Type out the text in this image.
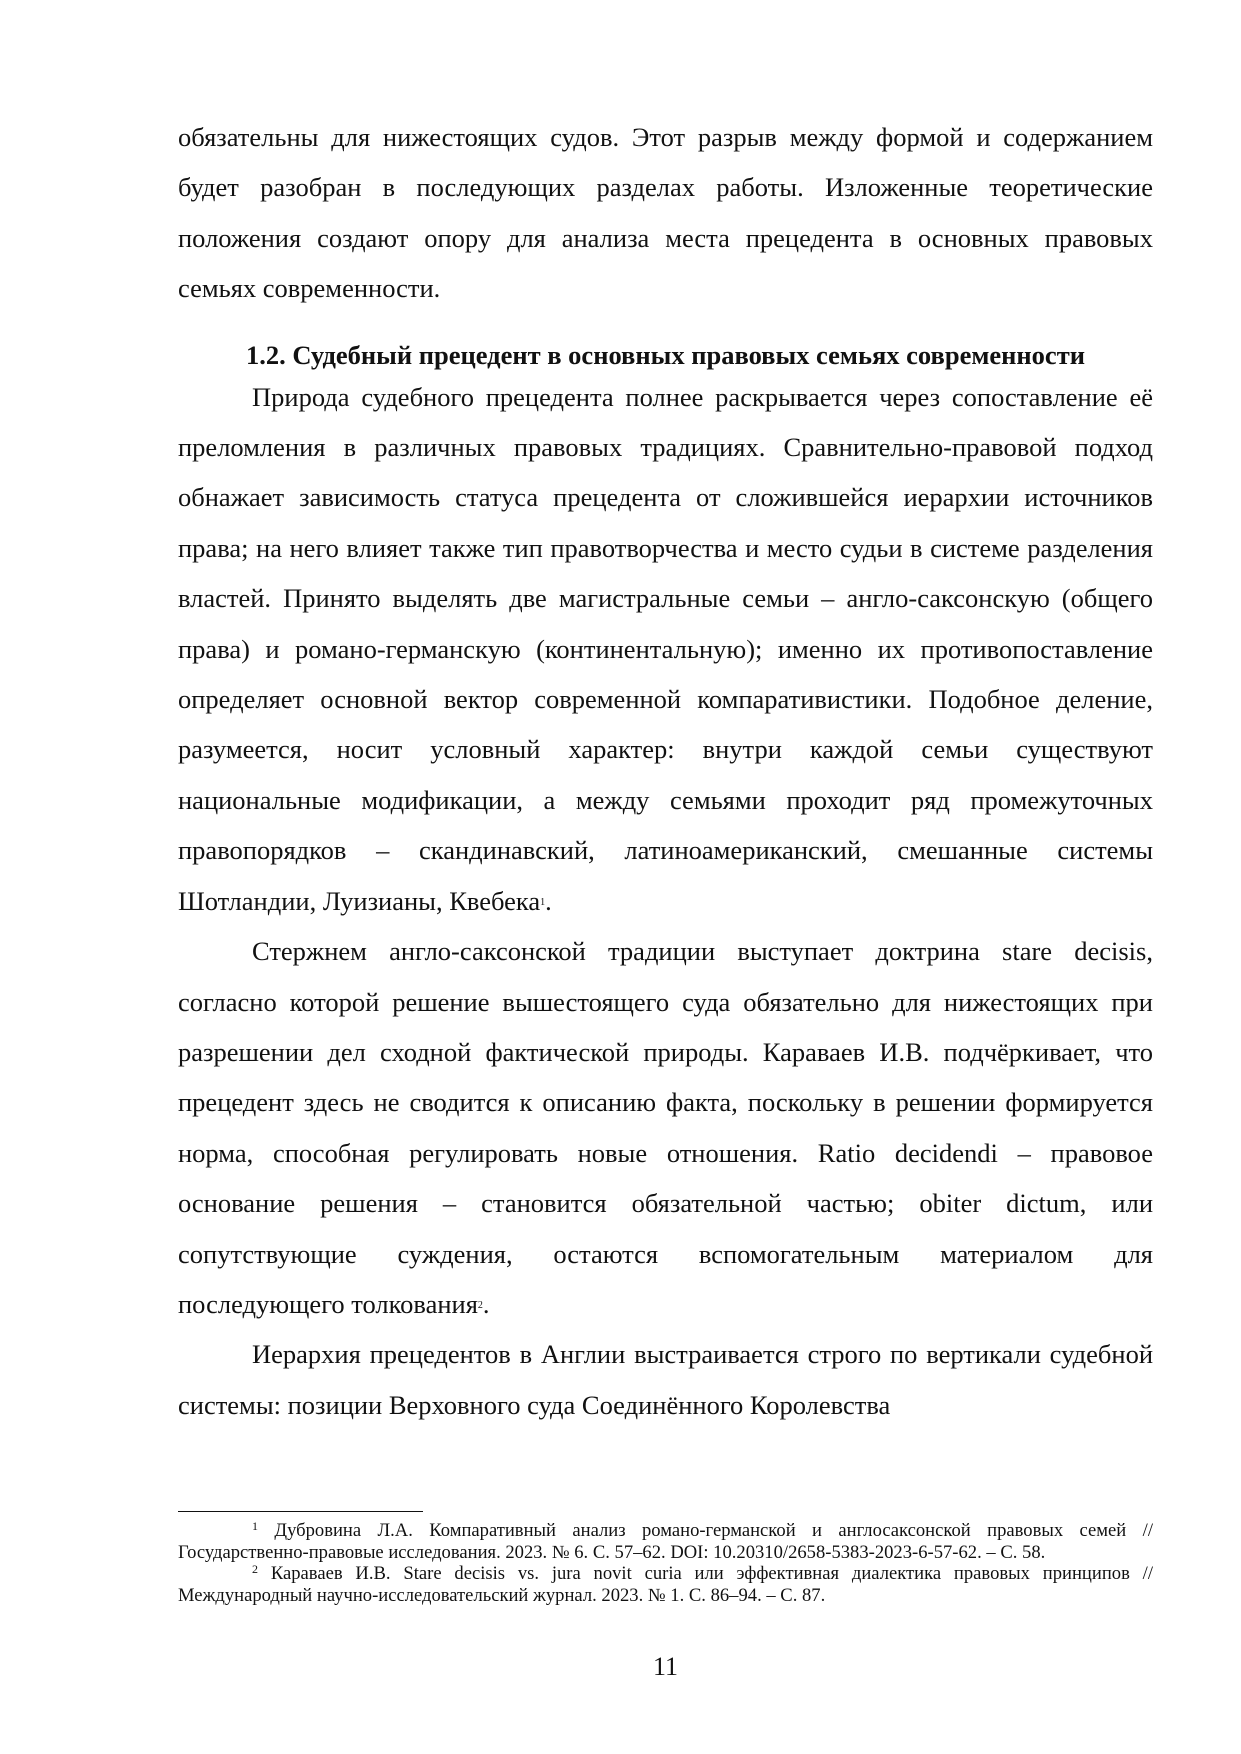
обязательны для нижестоящих судов. Этот разрыв между формой и содержанием будет разобран в последующих разделах работы. Изложенные теоретические положения создают опору для анализа места прецедента в основных правовых семьях современности.

1.2. Судебный прецедент в основных правовых семьях современности

Природа судебного прецедента полнее раскрывается через сопоставление её преломления в различных правовых традициях. Сравнительно-правовой подход обнажает зависимость статуса прецедента от сложившейся иерархии источников права; на него влияет также тип правотворчества и место судьи в системе разделения властей. Принято выделять две магистральные семьи – англо-саксонскую (общего права) и романо-германскую (континентальную); именно их противопоставление определяет основной вектор современной компаративистики. Подобное деление, разумеется, носит условный характер: внутри каждой семьи существуют национальные модификации, а между семьями проходит ряд промежуточных правопорядков – скандинавский, латиноамериканский, смешанные системы Шотландии, Луизианы, Квебека$^1$.

Стержнем англо-саксонской традиции выступает доктрина stare decisis, согласно которой решение вышестоящего суда обязательно для нижестоящих при разрешении дел сходной фактической природы. Караваев И.В. подчёркивает, что прецедент здесь не сводится к описанию факта, поскольку в решении формируется норма, способная регулировать новые отношения. Ratio decidendi – правовое основание решения – становится обязательной частью; obiter dictum, или сопутствующие суждения, остаются вспомогательным материалом для последующего толкования$^2$.

Иерархия прецедентов в Англии выстраивается строго по вертикали судебной системы: позиции Верховного суда Соединённого Королевства

$^1$ Дубровина Л.А. Компаративный анализ романо-германской и англосаксонской правовых семей // Государственно-правовые исследования. 2023. № 6. С. 57–62. DOI: 10.20310/2658-5383-2023-6-57-62. – С. 58.

$^2$ Караваев И.В. Stare decisis vs. jura novit curia или эффективная диалектика правовых принципов // Международный научно-исследовательский журнал. 2023. № 1. С. 86–94. – С. 87.

11
